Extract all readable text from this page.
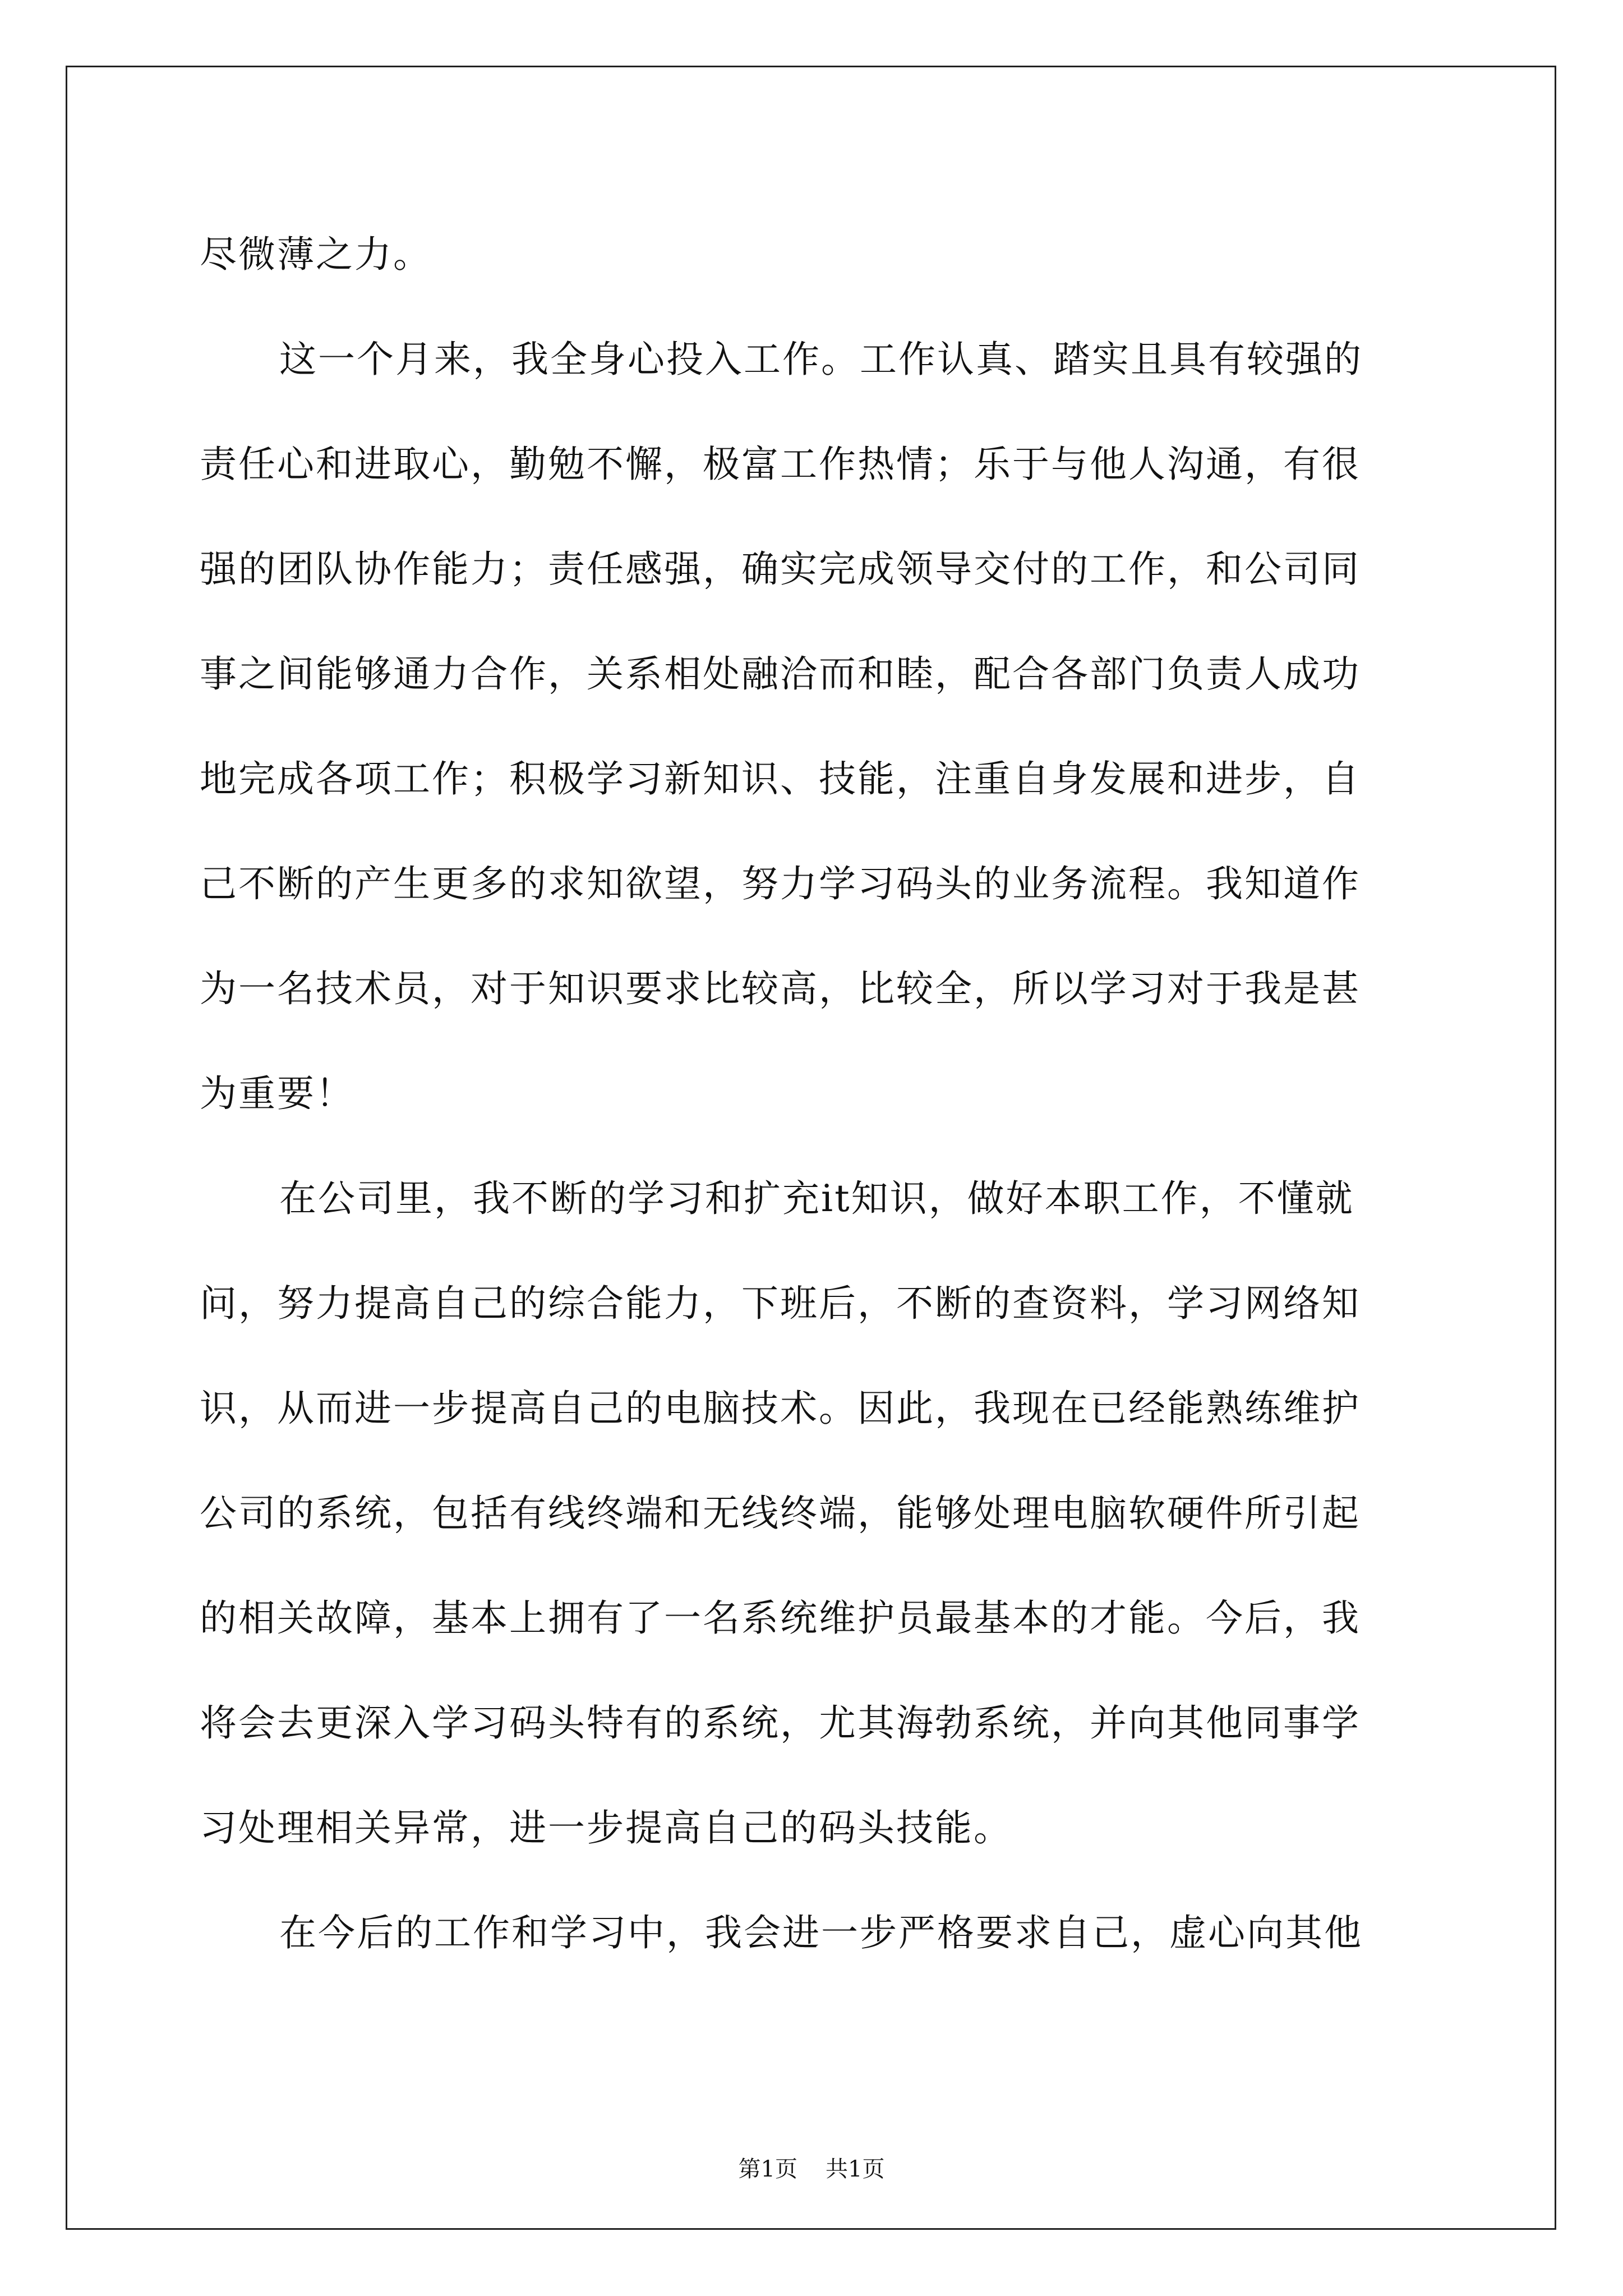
尽微薄之力。
这一个月来，我全身心投入工作。工作认真、踏实且具有较强的
责任心和进取心，勤勉不懈，极富工作热情；乐于与他人沟通，有很
强的团队协作能力；责任感强，确实完成领导交付的工作，和公司同
事之间能够通力合作，关系相处融洽而和睦，配合各部门负责人成功
地完成各项工作；积极学习新知识、技能，注重自身发展和进步，自
己不断的产生更多的求知欲望，努力学习码头的业务流程。我知道作
为一名技术员，对于知识要求比较高，比较全，所以学习对于我是甚
为重要！
在公司里，我不断的学习和扩充it知识，做好本职工作，不懂就
问，努力提高自己的综合能力，下班后，不断的查资料，学习网络知
识，从而进一步提高自己的电脑技术。因此，我现在已经能熟练维护
公司的系统，包括有线终端和无线终端，能够处理电脑软硬件所引起
的相关故障，基本上拥有了一名系统维护员最基本的才能。今后，我
将会去更深入学习码头特有的系统，尤其海勃系统，并向其他同事学
习处理相关异常，进一步提高自己的码头技能。
在今后的工作和学习中，我会进一步严格要求自己，虚心向其他
第1页 共1页
